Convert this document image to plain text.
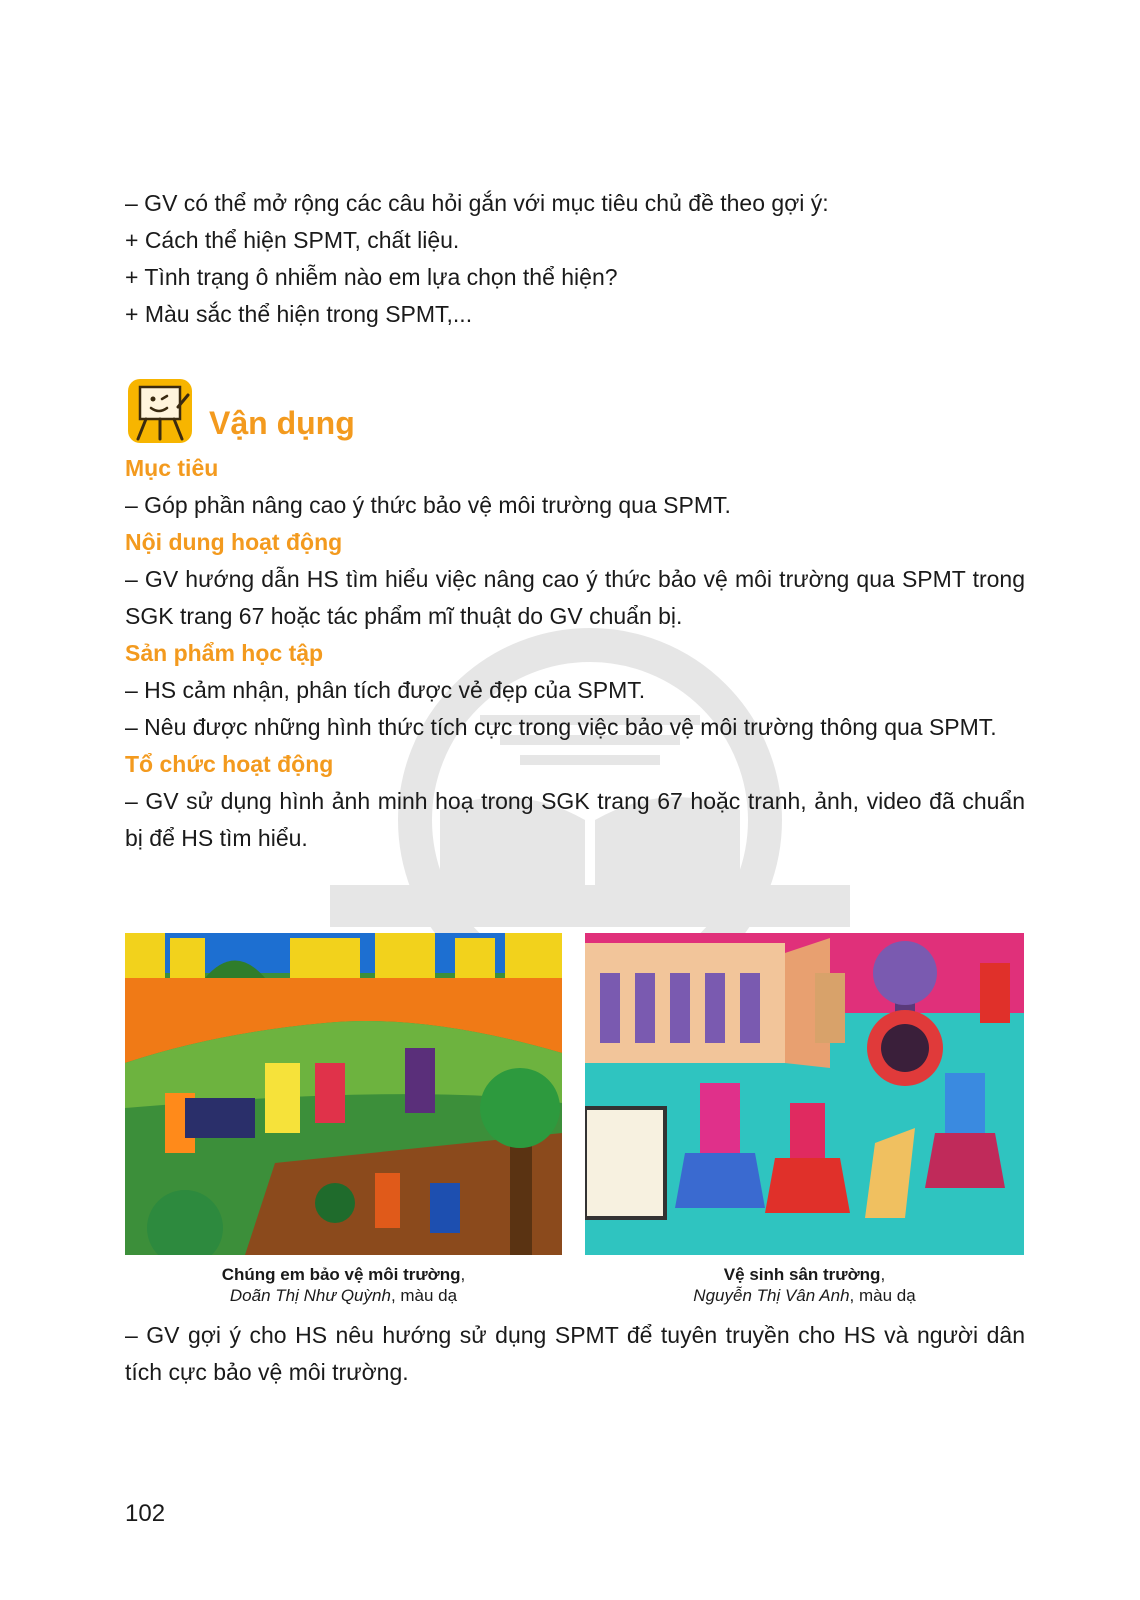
– GV có thể mở rộng các câu hỏi gắn với mục tiêu chủ đề theo gợi ý:

+ Cách thể hiện SPMT, chất liệu.

+ Tình trạng ô nhiễm nào em lựa chọn thể hiện?

+ Màu sắc thể hiện trong SPMT,...

Vận dụng

Mục tiêu

– Góp phần nâng cao ý thức bảo vệ môi trường qua SPMT.

Nội dung hoạt động

– GV hướng dẫn HS tìm hiểu việc nâng cao ý thức bảo vệ môi trường qua SPMT trong SGK trang 67 hoặc tác phẩm mĩ thuật do GV chuẩn bị.

Sản phẩm học tập

– HS cảm nhận, phân tích được vẻ đẹp của SPMT.

– Nêu được những hình thức tích cực trong việc bảo vệ môi trường thông qua SPMT.

Tổ chức hoạt động

– GV sử dụng hình ảnh minh hoạ trong SGK trang 67 hoặc tranh, ảnh, video đã chuẩn bị để HS tìm hiểu.

Chúng em bảo vệ môi trường,
Doãn Thị Như Quỳnh, màu dạ
Vệ sinh sân trường,
Nguyễn Thị Vân Anh, màu dạ

– GV gợi ý cho HS nêu hướng sử dụng SPMT để tuyên truyền cho HS và người dân tích cực bảo vệ môi trường.

102
